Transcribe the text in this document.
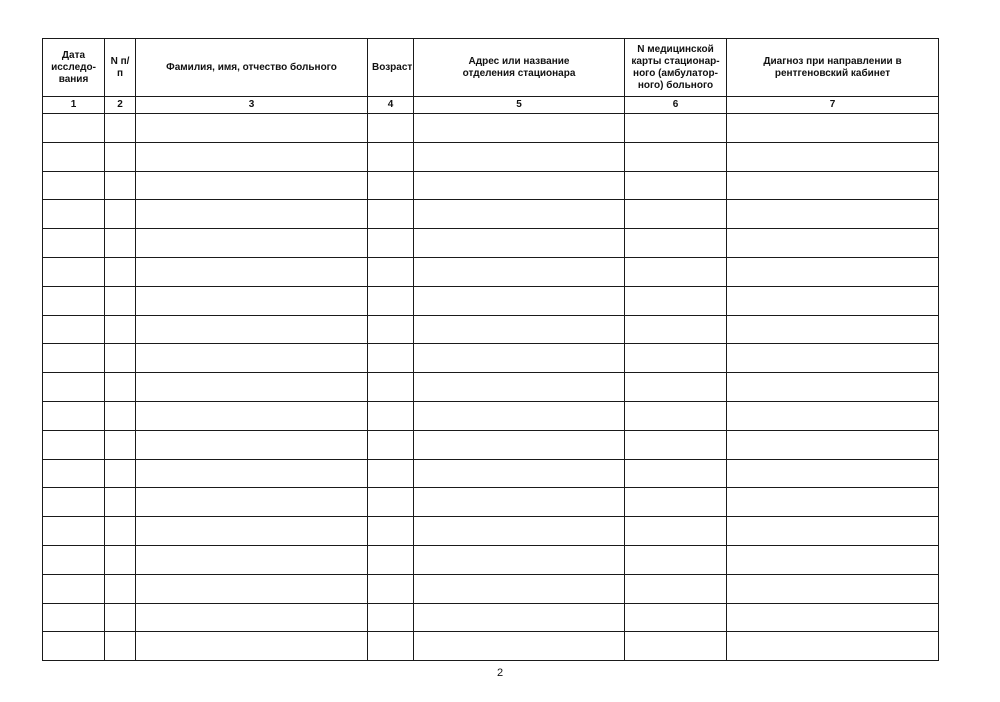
Дата исследо-вания	N п/п	Фамилия, имя, отчество больного	Возраст	Адрес или название отделения стационара	N медицинской карты стационар-ного (амбулатор-ного) больного	Диагноз при направлении в рентгеновский кабинет

1	2	3	4	5	6	7

2
